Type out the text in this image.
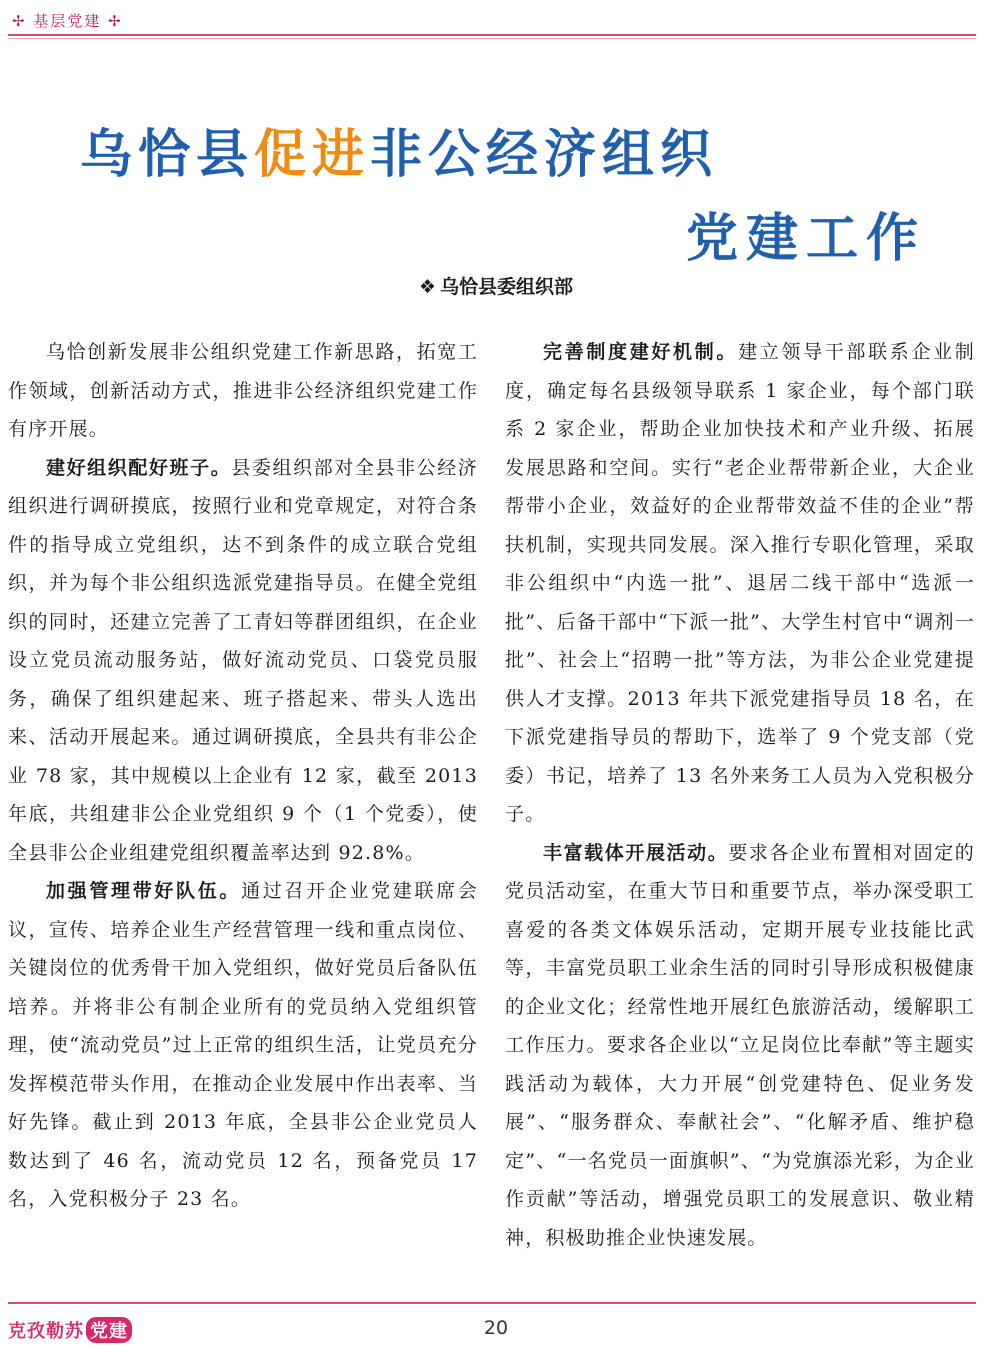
✢ 基层党建 ✢
乌恰县促进非公经济组织
党建工作
❖ 乌恰县委组织部

乌恰创新发展非公组织党建工作新思路，拓宽工作领域，创新活动方式，推进非公经济组织党建工作有序开展。

建好组织配好班子。县委组织部对全县非公经济组织进行调研摸底，按照行业和党章规定，对符合条件的指导成立党组织，达不到条件的成立联合党组织，并为每个非公组织选派党建指导员。在健全党组织的同时，还建立完善了工青妇等群团组织，在企业设立党员流动服务站，做好流动党员、口袋党员服务，确保了组织建起来、班子搭起来、带头人选出来、活动开展起来。通过调研摸底，全县共有非公企业 78 家，其中规模以上企业有 12 家，截至 2013 年底，共组建非公企业党组织 9 个（1 个党委），使全县非公企业组建党组织覆盖率达到 92.8%。

加强管理带好队伍。通过召开企业党建联席会议，宣传、培养企业生产经营管理一线和重点岗位、关键岗位的优秀骨干加入党组织，做好党员后备队伍培养。并将非公有制企业所有的党员纳入党组织管理，使“流动党员”过上正常的组织生活，让党员充分发挥模范带头作用，在推动企业发展中作出表率、当好先锋。截止到 2013 年底，全县非公企业党员人数达到了 46 名，流动党员 12 名，预备党员 17 名，入党积极分子 23 名。

完善制度建好机制。建立领导干部联系企业制度，确定每名县级领导联系 1 家企业，每个部门联系 2 家企业，帮助企业加快技术和产业升级、拓展发展思路和空间。实行“老企业帮带新企业，大企业帮带小企业，效益好的企业帮带效益不佳的企业”帮扶机制，实现共同发展。深入推行专职化管理，采取非公组织中“内选一批”、退居二线干部中“选派一批”、后备干部中“下派一批”、大学生村官中“调剂一批”、社会上“招聘一批”等方法，为非公企业党建提供人才支撑。2013 年共下派党建指导员 18 名，在下派党建指导员的帮助下，选举了 9 个党支部（党委）书记，培养了 13 名外来务工人员为入党积极分子。

丰富载体开展活动。要求各企业布置相对固定的党员活动室，在重大节日和重要节点，举办深受职工喜爱的各类文体娱乐活动，定期开展专业技能比武等，丰富党员职工业余生活的同时引导形成积极健康的企业文化；经常性地开展红色旅游活动，缓解职工工作压力。要求各企业以“立足岗位比奉献”等主题实践活动为载体，大力开展“创党建特色、促业务发展”、“服务群众、奉献社会”、“化解矛盾、维护稳定”、“一名党员一面旗帜”、“为党旗添光彩，为企业作贡献”等活动，增强党员职工的发展意识、敬业精神，积极助推企业快速发展。

克孜勒苏 党建	20
